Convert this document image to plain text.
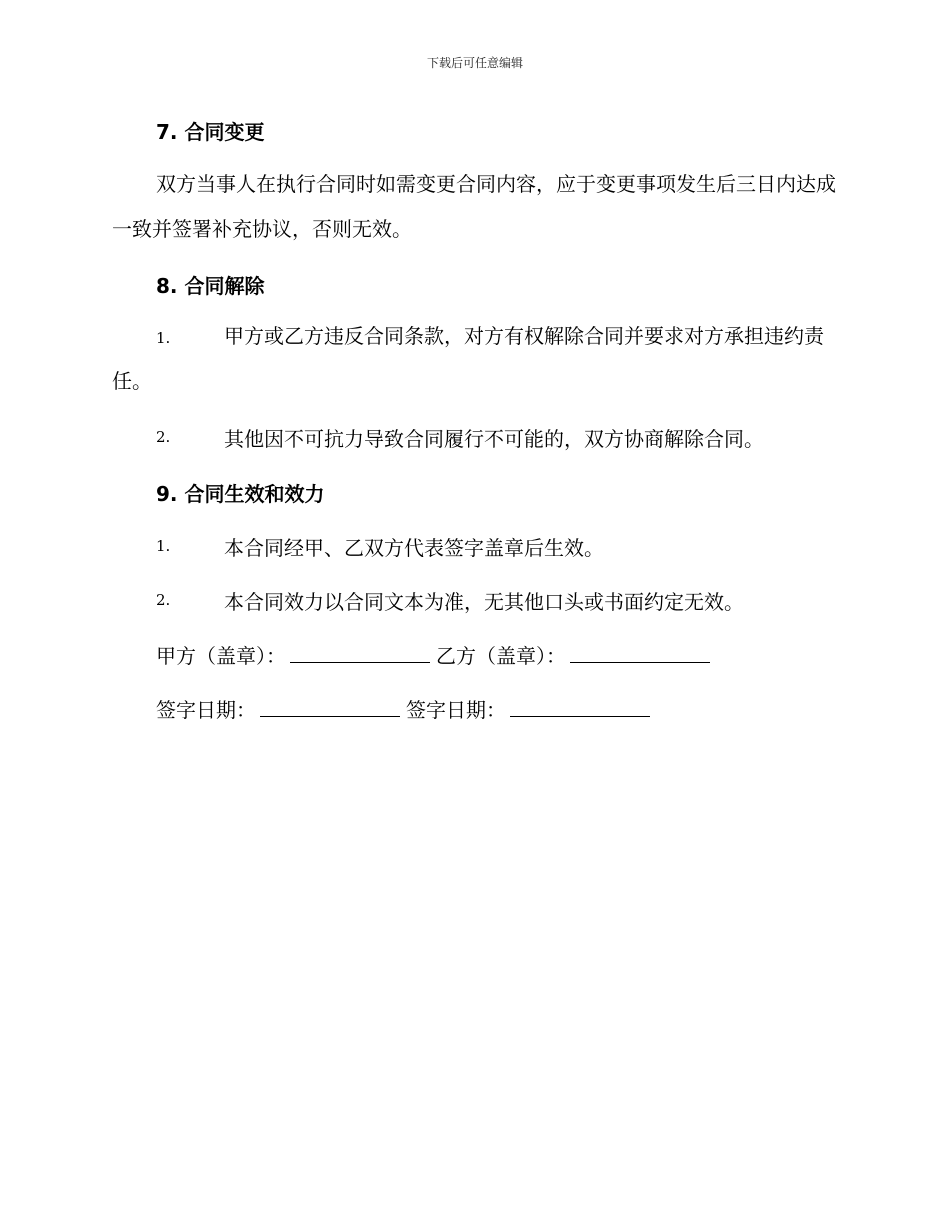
下载后可任意编辑
7. 合同变更
双方当事人在执行合同时如需变更合同内容，应于变更事项发生后三日内达成一致并签署补充协议，否则无效。
8. 合同解除
1.	甲方或乙方违反合同条款，对方有权解除合同并要求对方承担违约责任。
2.	其他因不可抗力导致合同履行不可能的，双方协商解除合同。
9. 合同生效和效力
1.	本合同经甲、乙双方代表签字盖章后生效。
2.	本合同效力以合同文本为准，无其他口头或书面约定无效。
甲方（盖章）：	乙方（盖章）：
签字日期：	签字日期：
